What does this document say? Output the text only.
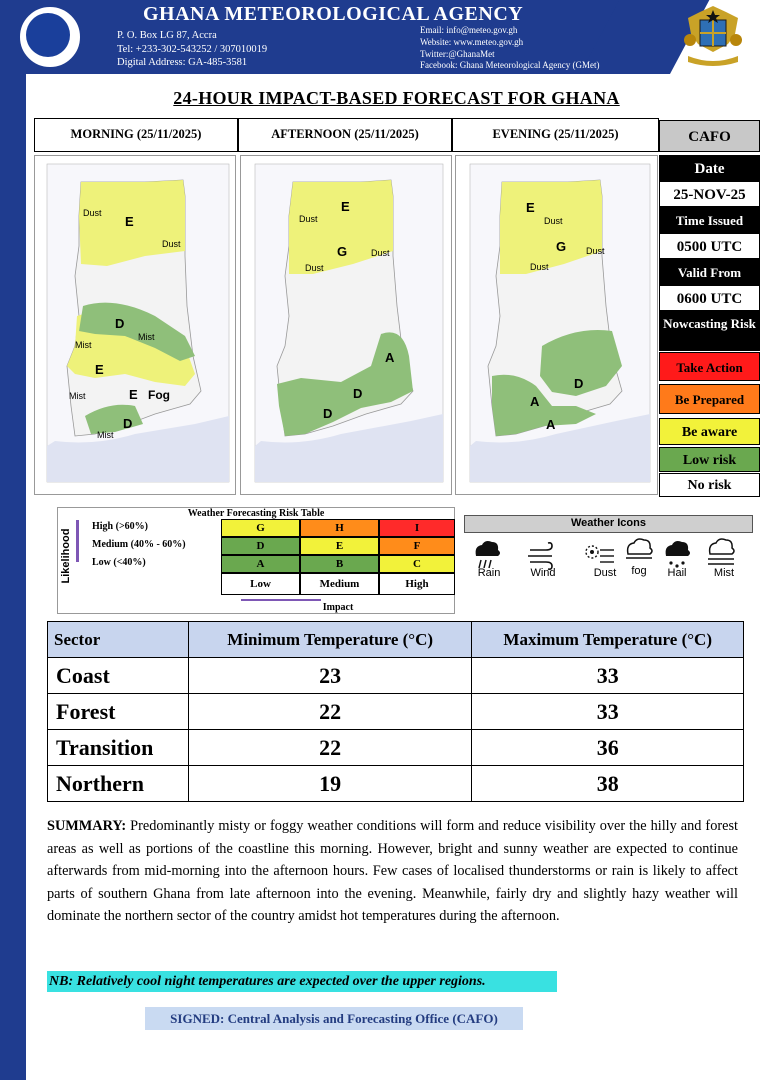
GHANA METEOROLOGICAL AGENCY
P. O. Box LG 87, Accra
Tel: +233-302-543252 / 307010019
Digital Address: GA-485-3581
Email: info@meteo.gov.gh
Website: www.meteo.gov.gh
Twitter:@GhanaMet
Facebook: Ghana Meteorological Agency (GMet)
24-HOUR IMPACT-BASED FORECAST FOR GHANA
MORNING (25/11/2025)	AFTERNOON (25/11/2025)	EVENING (25/11/2025)
E
Dust
Dust
D
Mist
Mist
E
E Fog
Mist
D
Mist
E
Dust
G	Dust
Dust
A
D
D
E
Dust
G Dust
Dust
D
A
A
CAFO
Date
25-NOV-25
Time Issued
0500 UTC
Valid From
0600 UTC
Nowcasting Risk
Take Action
Be Prepared
Be aware
Low risk
No risk
Weather Forecasting Risk Table
Likelihood
High (>60%)
Medium (40% - 60%)
Low (<40%)
G	H	I
D	E	F
A	B	C
Low	Medium	High
Impact
Weather Icons
Rain	Wind	Dust	fog	Hail	Mist
Sector	Minimum Temperature (°C)	Maximum Temperature (°C)
Coast	23	33
Forest	22	33
Transition	22	36
Northern	19	38
SUMMARY: Predominantly misty or foggy weather conditions will form and reduce visibility over the hilly and forest areas as well as portions of the coastline this morning. However, bright and sunny weather are expected to continue afterwards from mid-morning into the afternoon hours. Few cases of localised thunderstorms or rain is likely to affect parts of southern Ghana from late afternoon into the evening. Meanwhile, fairly dry and slightly hazy weather will dominate the northern sector of the country amidst hot temperatures during the afternoon.
NB: Relatively cool night temperatures are expected over the upper regions.
SIGNED: Central Analysis and Forecasting Office (CAFO)
